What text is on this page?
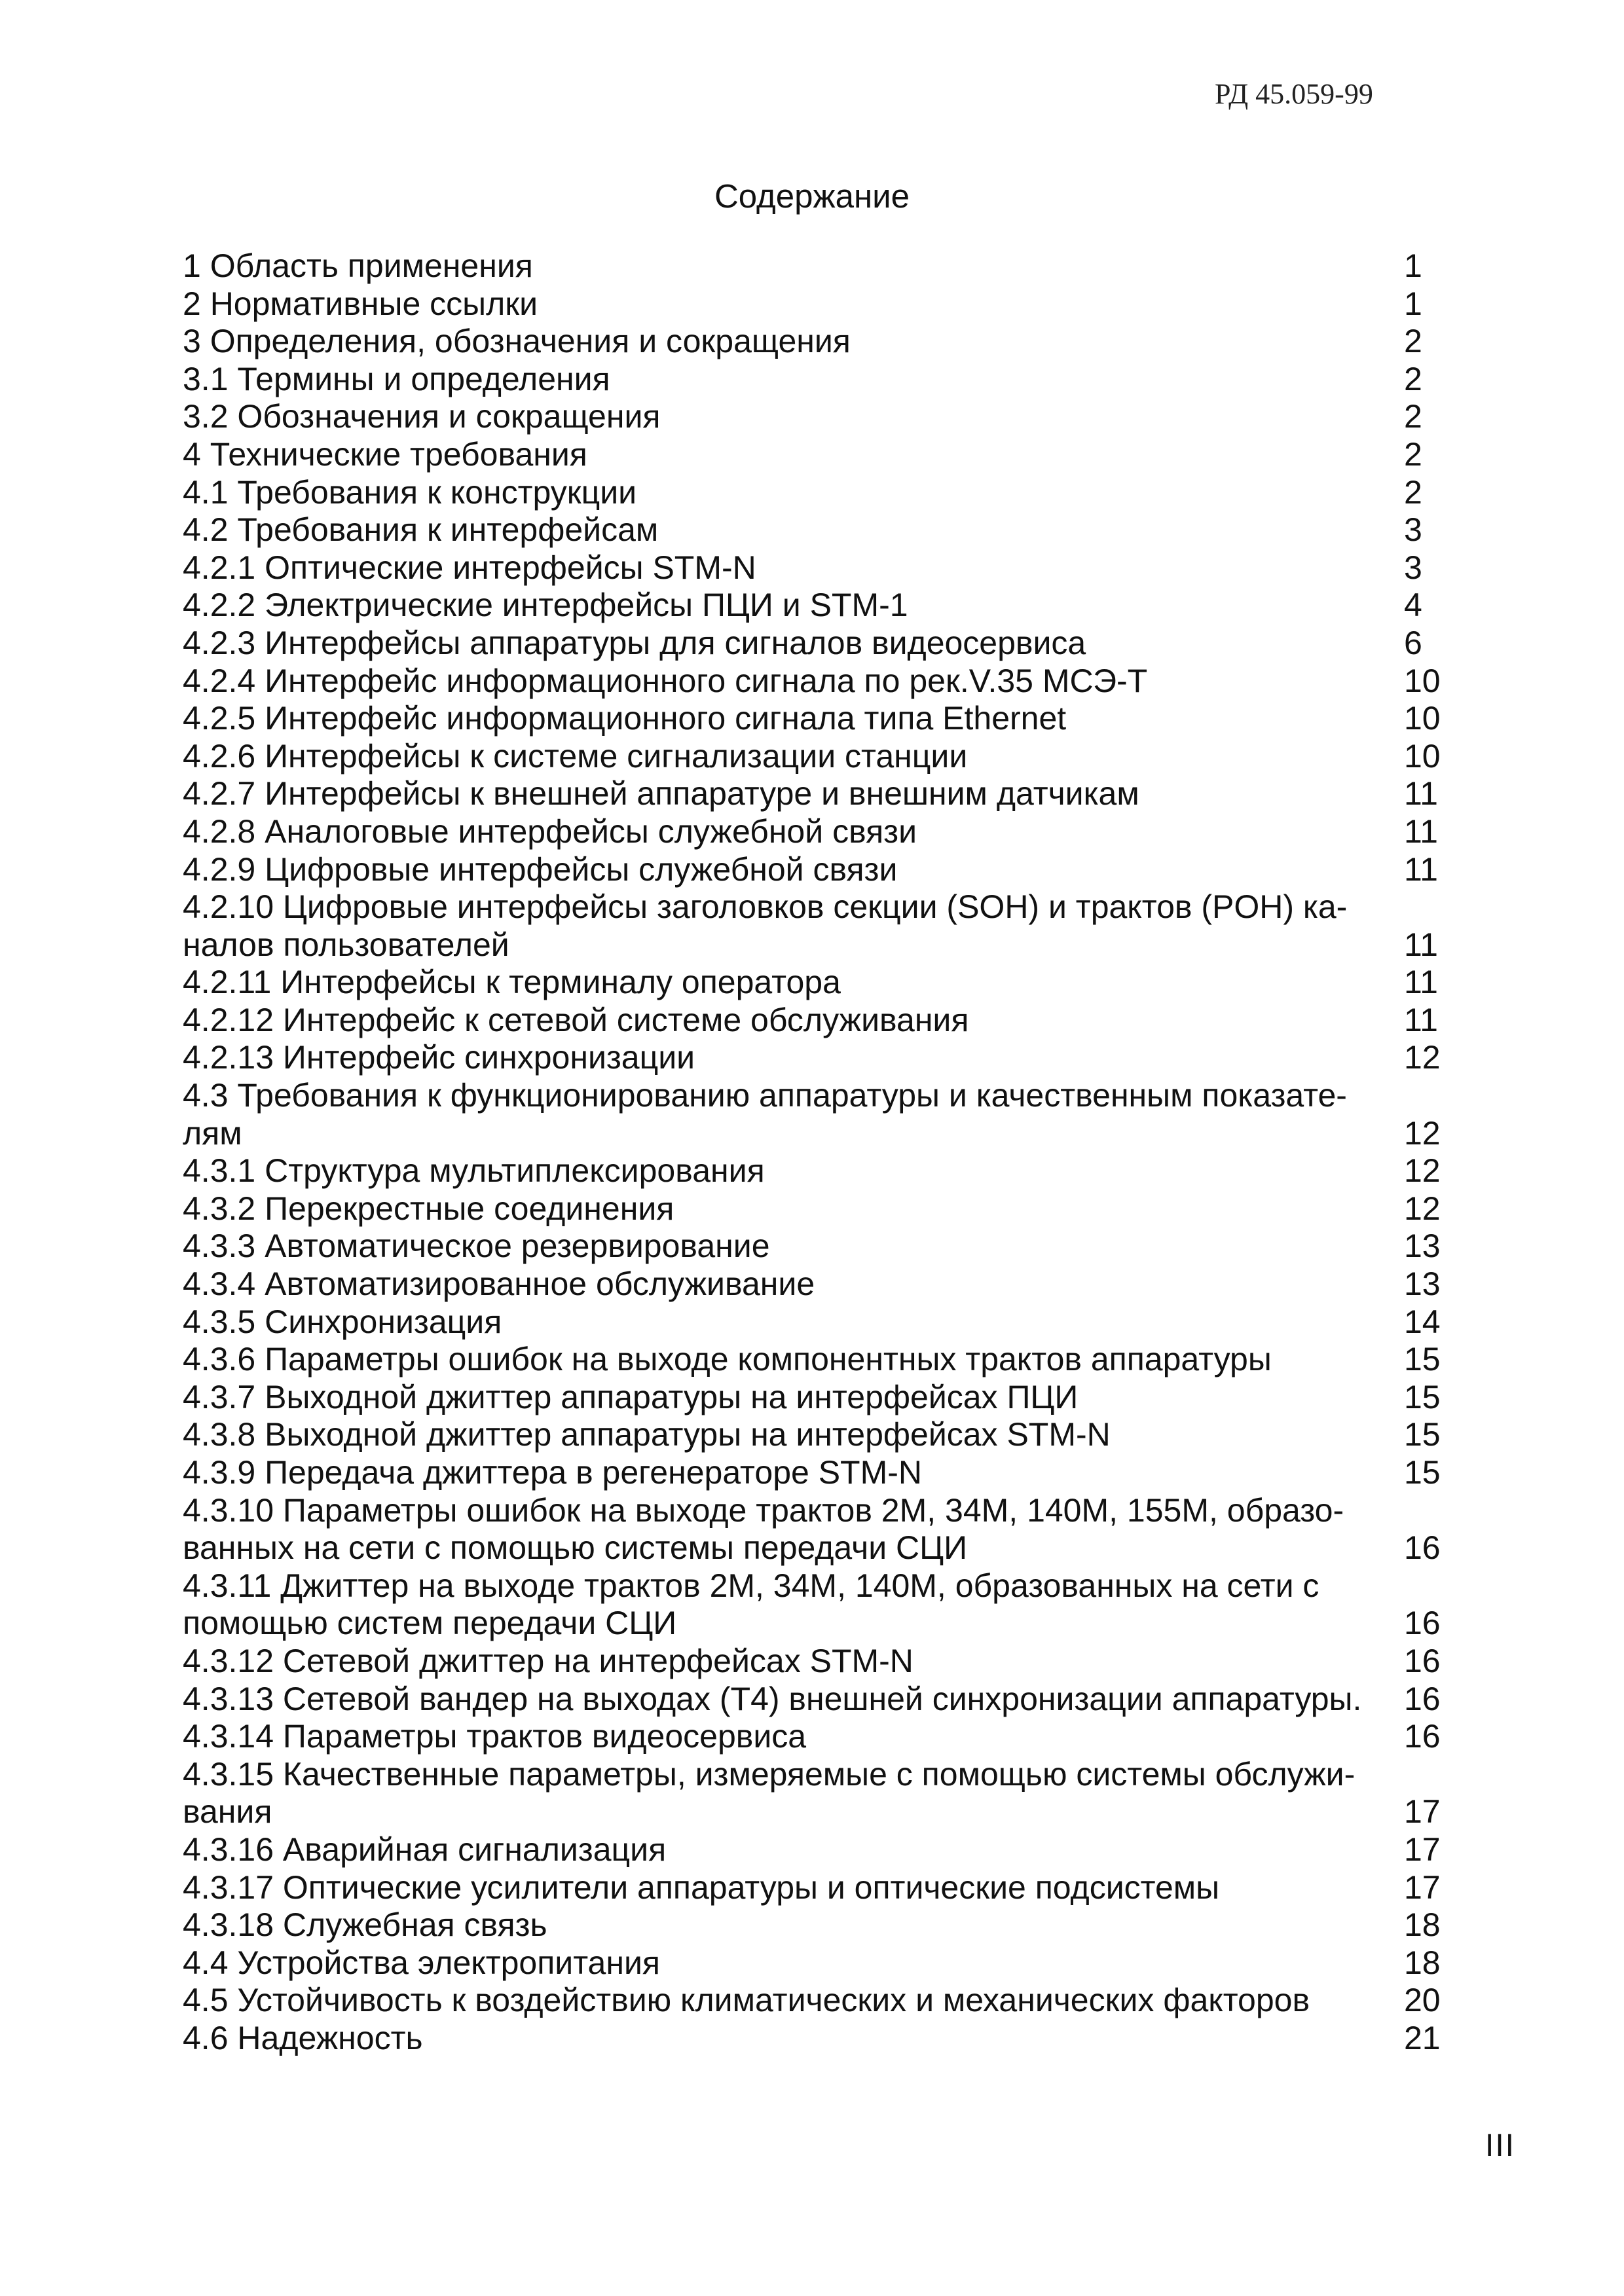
РД 45.059-99
Содержание
1 Область применения . . .	1
2 Нормативные ссылки . . .	1
3 Определения, обозначения и сокращения . . .	2
3.1 Термины и определения . . .	2
3.2 Обозначения и сокращения . . .	2
4 Технические требования . . .	2
4.1 Требования к конструкции . . .	2
4.2 Требования к интерфейсам . . .	3
4.2.1 Оптические интерфейсы STM-N . . .	3
4.2.2 Электрические интерфейсы ПЦИ и STM-1 . . .	4
4.2.3 Интерфейсы аппаратуры для сигналов видеосервиса . . .	6
4.2.4 Интерфейс информационного сигнала по рек.V.35 МСЭ-Т . . .	10
4.2.5 Интерфейс информационного сигнала типа Ethernet . . .	10
4.2.6 Интерфейсы к системе сигнализации станции . . .	10
4.2.7 Интерфейсы к внешней аппаратуре и внешним датчикам . . .	11
4.2.8 Аналоговые интерфейсы служебной связи . . .	11
4.2.9 Цифровые интерфейсы служебной связи . . .	11
4.2.10 Цифровые интерфейсы заголовков секции (SOH) и трактов (POH) ка-
налов пользователей . . .	11
4.2.11 Интерфейсы к терминалу оператора . . .	11
4.2.12 Интерфейс к сетевой системе обслуживания . . .	11
4.2.13 Интерфейс синхронизации . . .	12
4.3 Требования к функционированию аппаратуры и качественным показате-
лям . . .	12
4.3.1 Структура мультиплексирования . . .	12
4.3.2 Перекрестные соединения . . .	12
4.3.3 Автоматическое резервирование . . .	13
4.3.4 Автоматизированное обслуживание . . .	13
4.3.5 Синхронизация . . .	14
4.3.6 Параметры ошибок на выходе компонентных трактов аппаратуры . . .	15
4.3.7 Выходной джиттер аппаратуры на интерфейсах ПЦИ . . .	15
4.3.8 Выходной джиттер аппаратуры на интерфейсах STM-N . . .	15
4.3.9 Передача джиттера в регенераторе STM-N . . .	15
4.3.10 Параметры ошибок на выходе трактов 2М, 34М, 140М, 155М, образо-
ванных на сети с помощью системы передачи СЦИ . . .	16
4.3.11 Джиттер на выходе трактов 2М, 34М, 140М, образованных на сети с
помощью систем передачи СЦИ . . .	16
4.3.12 Сетевой джиттер на интерфейсах STM-N . . .	16
4.3.13 Сетевой вандер на выходах (Т4) внешней синхронизации аппаратуры. . . .	16
4.3.14 Параметры трактов видеосервиса . . .	16
4.3.15 Качественные параметры, измеряемые с помощью системы обслужи-
вания . . .	17
4.3.16 Аварийная сигнализация . . .	17
4.3.17 Оптические усилители аппаратуры и оптические подсистемы . . .	17
4.3.18 Служебная связь . . .	18
4.4 Устройства электропитания . . .	18
4.5 Устойчивость к воздействию климатических и механических факторов . . .	20
4.6 Надежность . . .	21
III
